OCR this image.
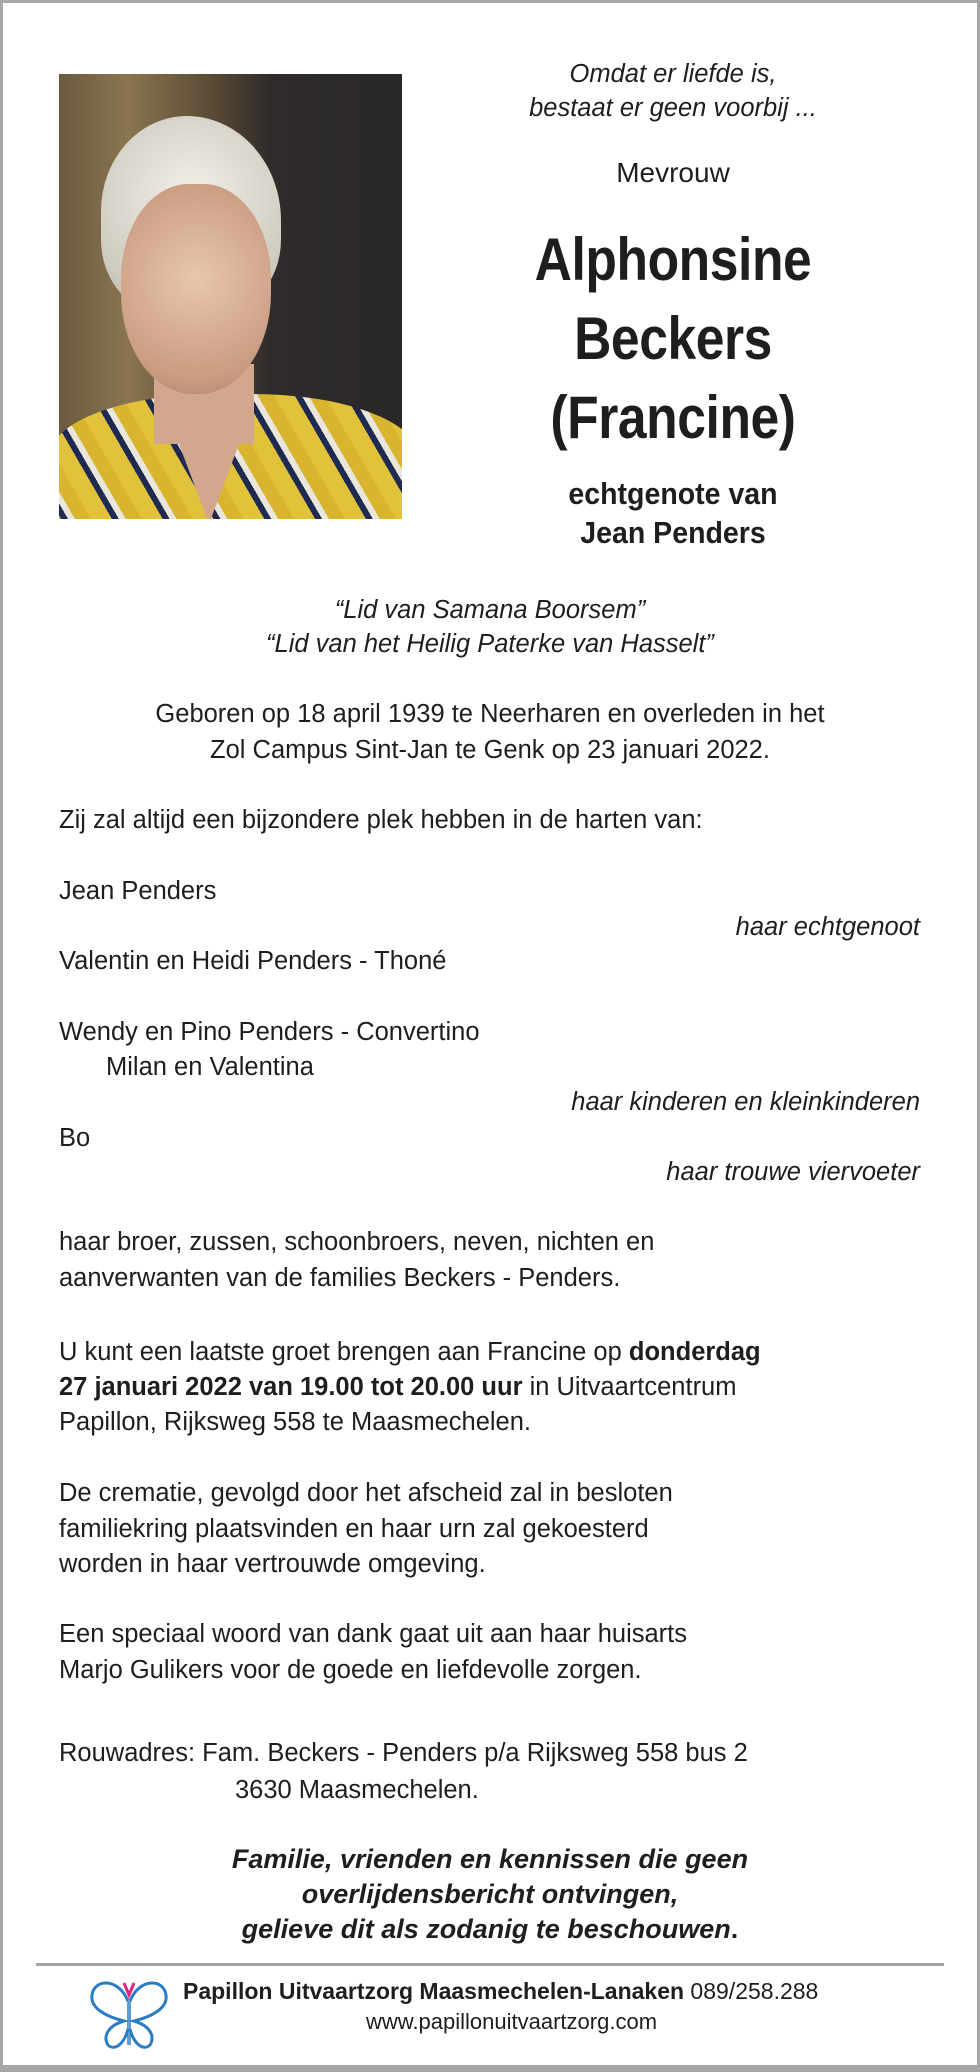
Omdat er liefde is,
bestaat er geen voorbij ...
Mevrouw
Alphonsine
Beckers
(Francine)
echtgenote van
Jean Penders
“Lid van Samana Boorsem”
“Lid van het Heilig Paterke van Hasselt”
Geboren op 18 april 1939 te Neerharen en overleden in het
Zol Campus Sint-Jan te Genk op 23 januari 2022.
Zij zal altijd een bijzondere plek hebben in de harten van:
Jean Penders
haar echtgenoot
Valentin en Heidi Penders - Thoné
Wendy en Pino Penders - Convertino
Milan en Valentina
haar kinderen en kleinkinderen
Bo
haar trouwe viervoeter
haar broer, zussen, schoonbroers, neven, nichten en
aanverwanten van de families Beckers - Penders.
U kunt een laatste groet brengen aan Francine op donderdag
27 januari 2022 van 19.00 tot 20.00 uur in Uitvaartcentrum
Papillon, Rijksweg 558 te Maasmechelen.
De crematie, gevolgd door het afscheid zal in besloten
familiekring plaatsvinden en haar urn zal gekoesterd
worden in haar vertrouwde omgeving.
Een speciaal woord van dank gaat uit aan haar huisarts
Marjo Gulikers voor de goede en liefdevolle zorgen.
Rouwadres: Fam. Beckers - Penders p/a Rijksweg 558 bus 2
3630 Maasmechelen.
Familie, vrienden en kennissen die geen
overlijdensbericht ontvingen,
gelieve dit als zodanig te beschouwen.
Papillon Uitvaartzorg Maasmechelen-Lanaken 089/258.288
www.papillonuitvaartzorg.com
